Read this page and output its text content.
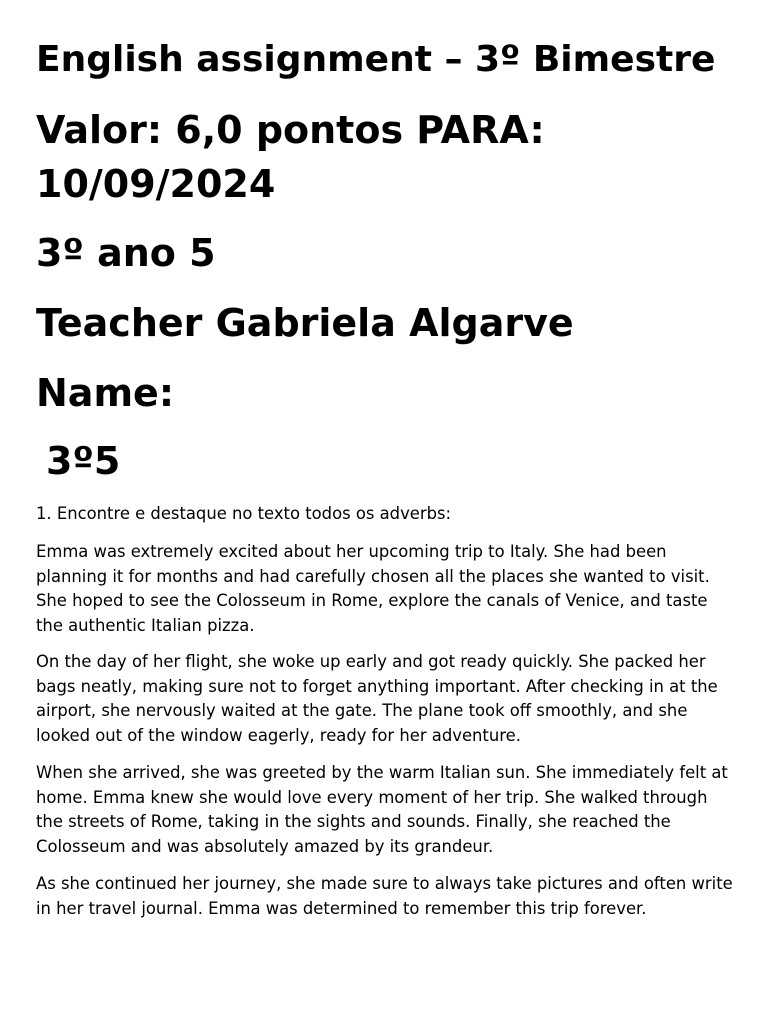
English assignment – 3º Bimestre
Valor: 6,0 pontos PARA: 10/09/2024
3º ano 5
Teacher Gabriela Algarve
Name:
3º5

1. Encontre e destaque no texto todos os adverbs:

Emma was extremely excited about her upcoming trip to Italy. She had been planning it for months and had carefully chosen all the places she wanted to visit. She hoped to see the Colosseum in Rome, explore the canals of Venice, and taste the authentic Italian pizza.

On the day of her flight, she woke up early and got ready quickly. She packed her bags neatly, making sure not to forget anything important. After checking in at the airport, she nervously waited at the gate. The plane took off smoothly, and she looked out of the window eagerly, ready for her adventure.

When she arrived, she was greeted by the warm Italian sun. She immediately felt at home. Emma knew she would love every moment of her trip. She walked through the streets of Rome, taking in the sights and sounds. Finally, she reached the Colosseum and was absolutely amazed by its grandeur.

As she continued her journey, she made sure to always take pictures and often write in her travel journal. Emma was determined to remember this trip forever.
